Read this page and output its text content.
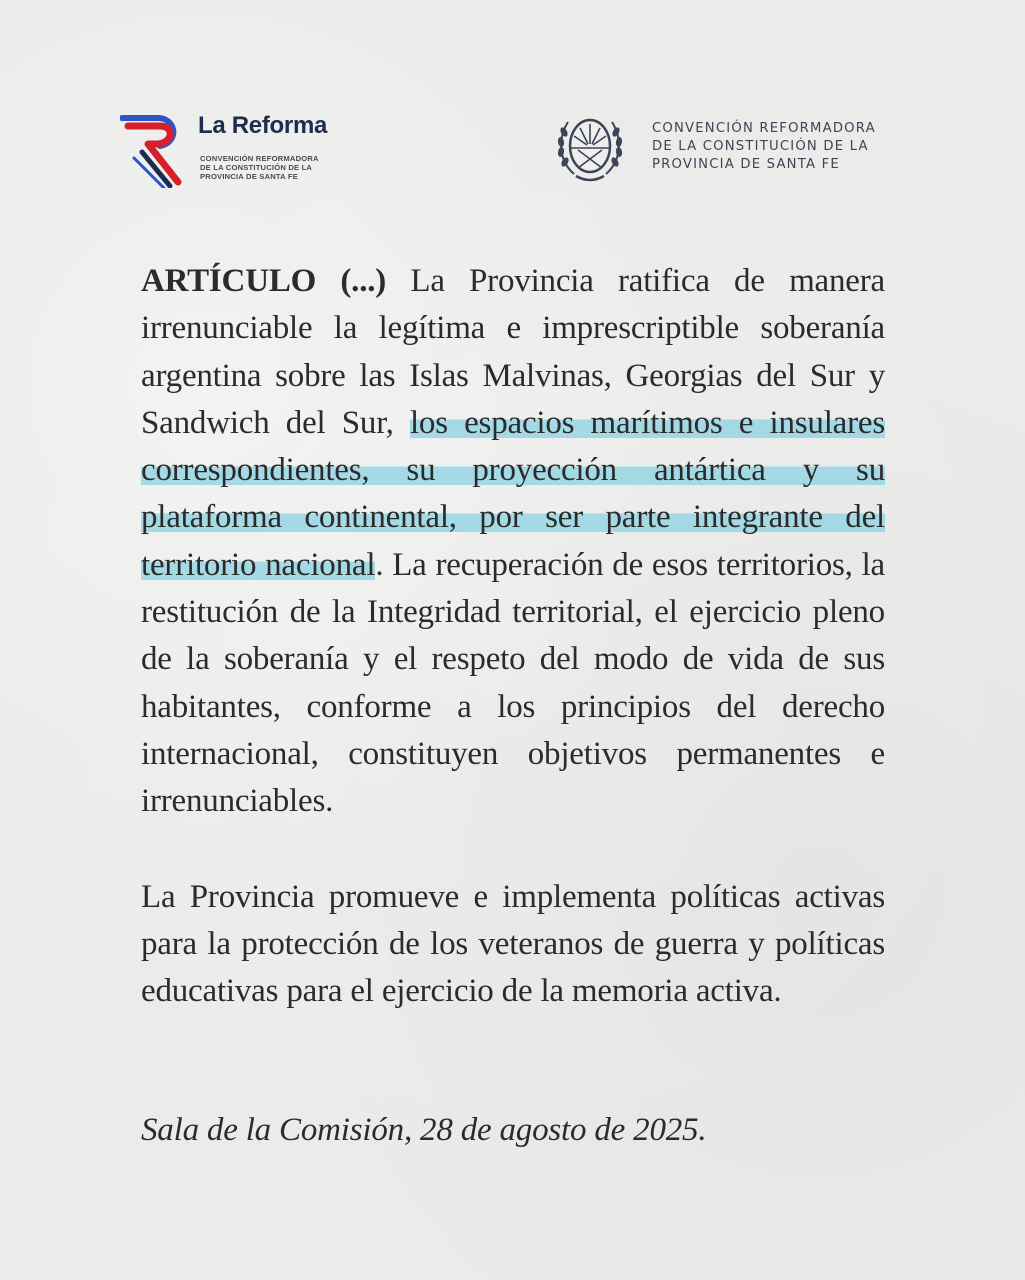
La Reforma
CONVENCIÓN REFORMADORA
DE LA CONSTITUCIÓN DE LA
PROVINCIA DE SANTA FE
CONVENCIÓN REFORMADORA
DE LA CONSTITUCIÓN DE LA
PROVINCIA DE SANTA FE

ARTÍCULO (...) La Provincia ratifica de manera irrenunciable la legítima e imprescriptible soberanía argentina sobre las Islas Malvinas, Georgias del Sur y Sandwich del Sur, los espacios marítimos e insulares correspondientes, su proyección antártica y su plataforma continental, por ser parte integrante del territorio nacional. La recuperación de esos territorios, la restitución de la Integridad territorial, el ejercicio pleno de la soberanía y el respeto del modo de vida de sus habitantes, conforme a los principios del derecho internacional, constituyen objetivos permanentes e irrenunciables.

La Provincia promueve e implementa políticas activas para la protección de los veteranos de guerra y políticas educativas para el ejercicio de la memoria activa.

Sala de la Comisión, 28 de agosto de 2025.
